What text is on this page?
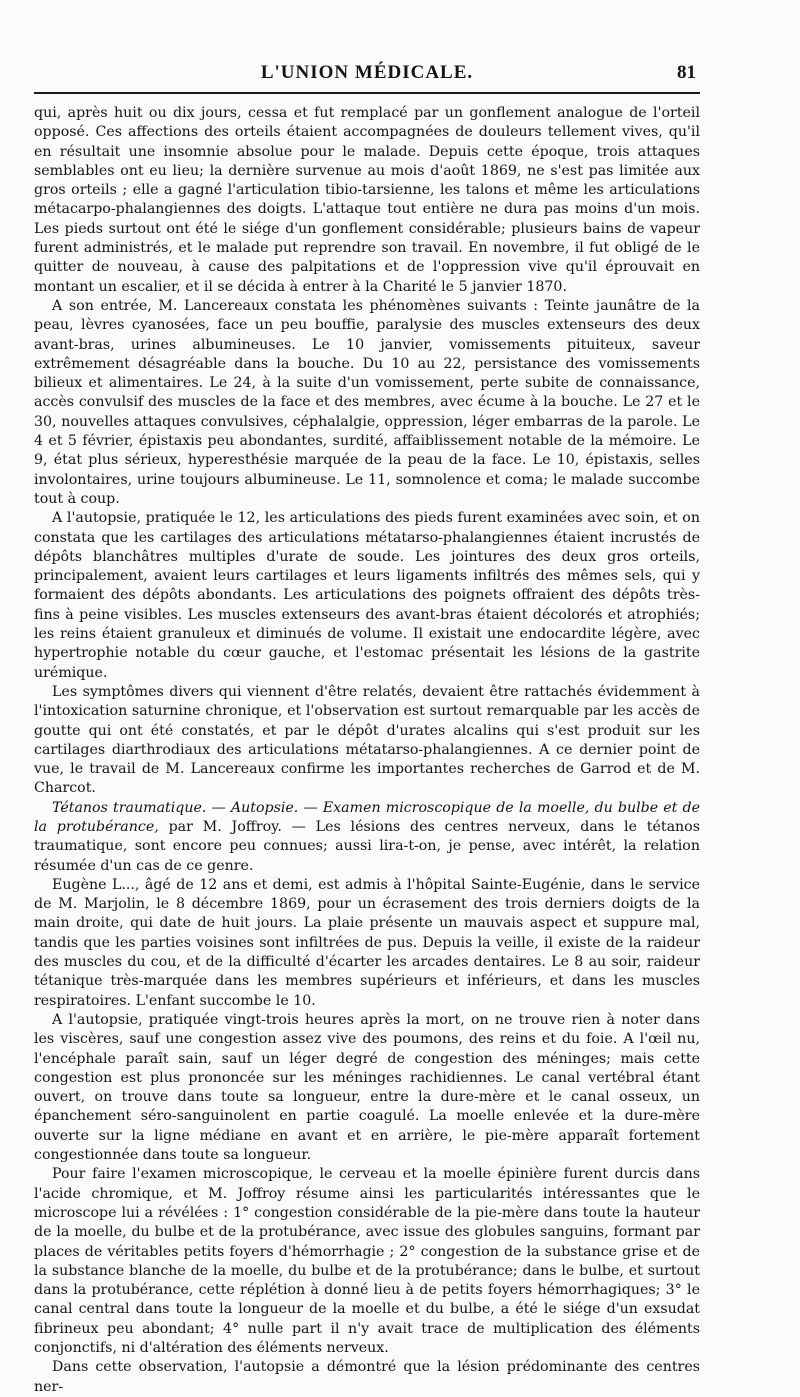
L'UNION MÉDICALE.	81

qui, après huit ou dix jours, cessa et fut remplacé par un gonflement analogue de l'orteil opposé. Ces affections des orteils étaient accompagnées de douleurs tellement vives, qu'il en résultait une insomnie absolue pour le malade. Depuis cette époque, trois attaques semblables ont eu lieu; la dernière survenue au mois d'août 1869, ne s'est pas limitée aux gros orteils ; elle a gagné l'articulation tibio-tarsienne, les talons et même les articulations métacarpo-phalangiennes des doigts. L'attaque tout entière ne dura pas moins d'un mois. Les pieds surtout ont été le siége d'un gonflement considérable; plusieurs bains de vapeur furent administrés, et le malade put reprendre son travail. En novembre, il fut obligé de le quitter de nouveau, à cause des palpitations et de l'oppression vive qu'il éprouvait en montant un escalier, et il se décida à entrer à la Charité le 5 janvier 1870.

A son entrée, M. Lancereaux constata les phénomènes suivants : Teinte jaunâtre de la peau, lèvres cyanosées, face un peu bouffie, paralysie des muscles extenseurs des deux avant-bras, urines albumineuses. Le 10 janvier, vomissements pituiteux, saveur extrêmement désagréable dans la bouche. Du 10 au 22, persistance des vomissements bilieux et alimentaires. Le 24, à la suite d'un vomissement, perte subite de connaissance, accès convulsif des muscles de la face et des membres, avec écume à la bouche. Le 27 et le 30, nouvelles attaques convulsives, céphalalgie, oppression, léger embarras de la parole. Le 4 et 5 février, épistaxis peu abondantes, surdité, affaiblissement notable de la mémoire. Le 9, état plus sérieux, hyperesthésie marquée de la peau de la face. Le 10, épistaxis, selles involontaires, urine toujours albumineuse. Le 11, somnolence et coma; le malade succombe tout à coup.

A l'autopsie, pratiquée le 12, les articulations des pieds furent examinées avec soin, et on constata que les cartilages des articulations métatarso-phalangiennes étaient incrustés de dépôts blanchâtres multiples d'urate de soude. Les jointures des deux gros orteils, principalement, avaient leurs cartilages et leurs ligaments infiltrés des mêmes sels, qui y formaient des dépôts abondants. Les articulations des poignets offraient des dépôts très-fins à peine visibles. Les muscles extenseurs des avant-bras étaient décolorés et atrophiés; les reins étaient granuleux et diminués de volume. Il existait une endocardite légère, avec hypertrophie notable du cœur gauche, et l'estomac présentait les lésions de la gastrite urémique.

Les symptômes divers qui viennent d'être relatés, devaient être rattachés évidemment à l'intoxication saturnine chronique, et l'observation est surtout remarquable par les accès de goutte qui ont été constatés, et par le dépôt d'urates alcalins qui s'est produit sur les cartilages diarthrodiaux des articulations métatarso-phalangiennes. A ce dernier point de vue, le travail de M. Lancereaux confirme les importantes recherches de Garrod et de M. Charcot.

Tétanos traumatique. — Autopsie. — Examen microscopique de la moelle, du bulbe et de la protubérance, par M. Joffroy. — Les lésions des centres nerveux, dans le tétanos traumatique, sont encore peu connues; aussi lira-t-on, je pense, avec intérêt, la relation résumée d'un cas de ce genre.

Eugène L..., âgé de 12 ans et demi, est admis à l'hôpital Sainte-Eugénie, dans le service de M. Marjolin, le 8 décembre 1869, pour un écrasement des trois derniers doigts de la main droite, qui date de huit jours. La plaie présente un mauvais aspect et suppure mal, tandis que les parties voisines sont infiltrées de pus. Depuis la veille, il existe de la raideur des muscles du cou, et de la difficulté d'écarter les arcades dentaires. Le 8 au soir, raideur tétanique très-marquée dans les membres supérieurs et inférieurs, et dans les muscles respiratoires. L'enfant succombe le 10.

A l'autopsie, pratiquée vingt-trois heures après la mort, on ne trouve rien à noter dans les viscères, sauf une congestion assez vive des poumons, des reins et du foie. A l'œil nu, l'encéphale paraît sain, sauf un léger degré de congestion des méninges; mais cette congestion est plus prononcée sur les méninges rachidiennes. Le canal vertébral étant ouvert, on trouve dans toute sa longueur, entre la dure-mère et le canal osseux, un épanchement séro-sanguinolent en partie coagulé. La moelle enlevée et la dure-mère ouverte sur la ligne médiane en avant et en arrière, le pie-mère apparaît fortement congestionnée dans toute sa longueur.

Pour faire l'examen microscopique, le cerveau et la moelle épinière furent durcis dans l'acide chromique, et M. Joffroy résume ainsi les particularités intéressantes que le microscope lui a révélées : 1° congestion considérable de la pie-mère dans toute la hauteur de la moelle, du bulbe et de la protubérance, avec issue des globules sanguins, formant par places de véritables petits foyers d'hémorrhagie ; 2° congestion de la substance grise et de la substance blanche de la moelle, du bulbe et de la protubérance; dans le bulbe, et surtout dans la protubérance, cette réplétion à donné lieu à de petits foyers hémorrhagiques; 3° le canal central dans toute la longueur de la moelle et du bulbe, a été le siége d'un exsudat fibrineux peu abondant; 4° nulle part il n'y avait trace de multiplication des éléments conjonctifs, ni d'altération des éléments nerveux.

Dans cette observation, l'autopsie a démontré que la lésion prédominante des centres ner-
